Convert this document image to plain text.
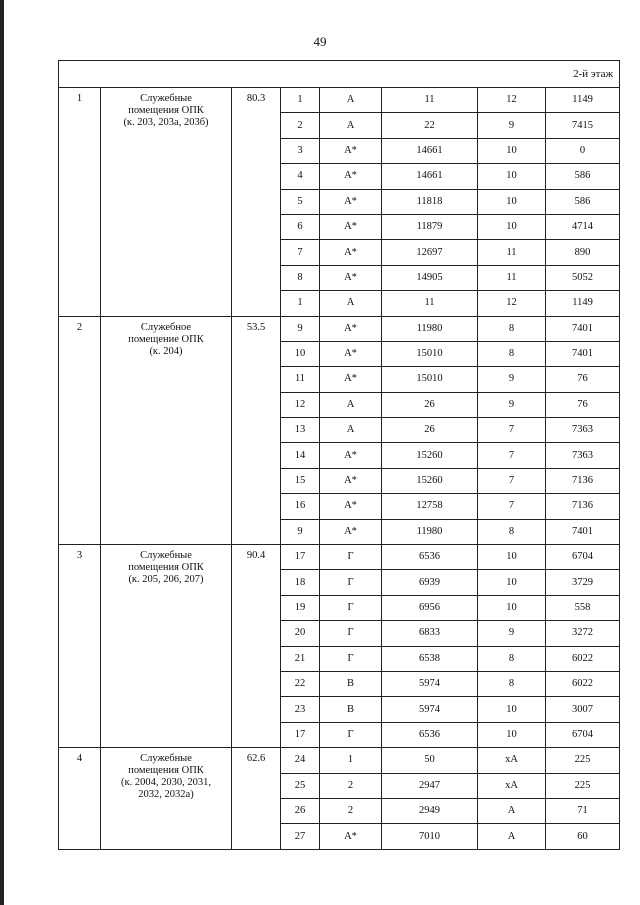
49
2-й этаж							
1	Служебные
помещения ОПК
(к. 203, 203а, 203б)	80.3	1	А	11	12	1149
			2	А	22	9	7415
			3	А*	14661	10	0
			4	А*	14661	10	586
			5	А*	11818	10	586
			6	А*	11879	10	4714
			7	А*	12697	11	890
			8	А*	14905	11	5052
			1	А	11	12	1149
2	Служебное
помещение ОПК
(к. 204)	53.5	9	А*	11980	8	7401
			10	А*	15010	8	7401
			11	А*	15010	9	76
			12	А	26	9	76
			13	А	26	7	7363
			14	А*	15260	7	7363
			15	А*	15260	7	7136
			16	А*	12758	7	7136
			9	А*	11980	8	7401
3	Служебные
помещения ОПК
(к. 205, 206, 207)	90.4	17	Г	6536	10	6704
			18	Г	6939	10	3729
			19	Г	6956	10	558
			20	Г	6833	9	3272
			21	Г	6538	8	6022
			22	В	5974	8	6022
			23	В	5974	10	3007
			17	Г	6536	10	6704
4	Служебные
помещения ОПК
(к. 2004, 2030, 2031,
2032, 2032а)	62.6	24	1	50	хА	225
			25	2	2947	хА	225
			26	2	2949	А	71
			27	А*	7010	А	60
